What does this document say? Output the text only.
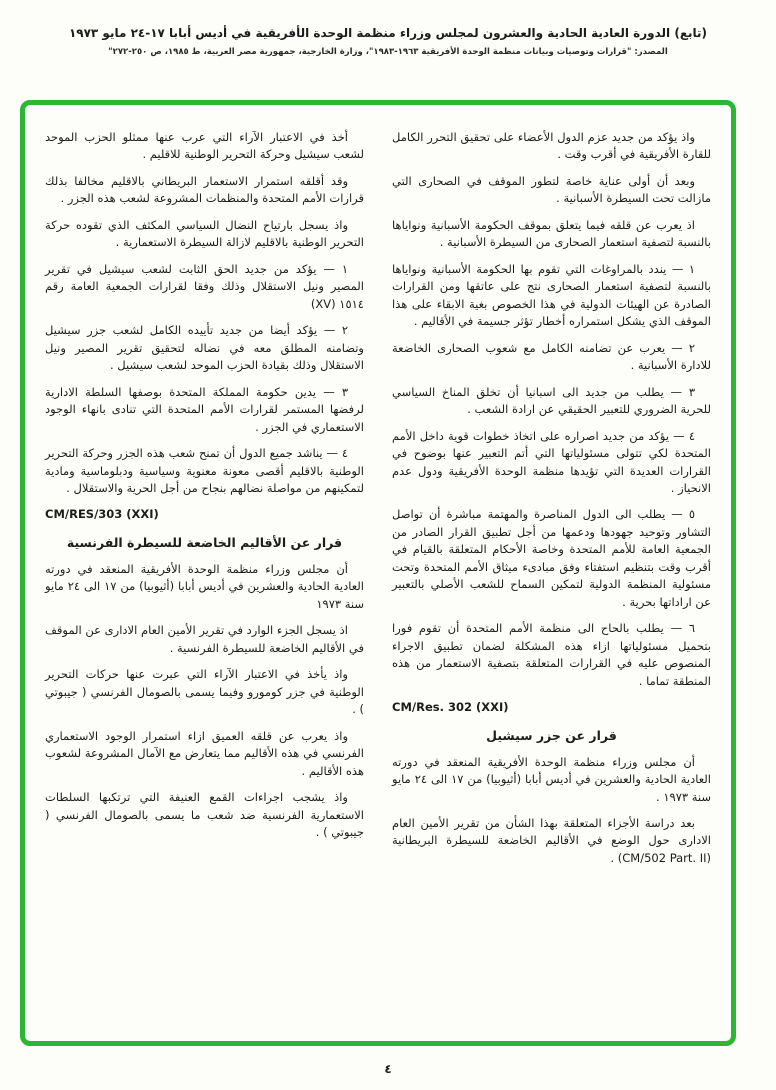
(تابع) الدورة العادية الحادية والعشرون لمجلس وزراء منظمة الوحدة الأفريقية في أديس أبابا ١٧-٢٤ مايو ١٩٧٣
المصدر: "قرارات وتوصيات وبيانات منظمة الوحدة الأفريقية ١٩٦٣-١٩٨٣"، وزارة الخارجية، جمهورية مصر العربية، ط ١٩٨٥، ص ٢٥٠-٢٧٢"

واذ يؤكد من جديد عزم الدول الأعضاء على تحقيق التحرر الكامل للقارة الأفريقية في أقرب وقت .

وبعد أن أولى عناية خاصة لتطور الموقف في الصحارى التي مازالت تحت السيطرة الأسبانية .

اذ يعرب عن قلقه فيما يتعلق بموقف الحكومة الأسبانية ونواياها بالنسبة لتصفية استعمار الصحارى من السيطرة الأسبانية .

١ — يندد بالمراوغات التي تقوم بها الحكومة الأسبانية ونواياها بالنسبة لتصفية استعمار الصحارى نتج على عاتقها ومن القرارات الصادرة عن الهيئات الدولية في هذا الخصوص بغية الابقاء على هذا الموقف الذي يشكل استمراره أخطار تؤثر جسيمة في الأقاليم .

٢ — يعرب عن تضامنه الكامل مع شعوب الصحارى الخاضعة للادارة الأسبانية .

٣ — يطلب من جديد الى اسبانيا أن تخلق المناخ السياسي للحرية الضروري للتعبير الحقيقي عن ارادة الشعب .

٤ — يؤكد من جديد اصراره على اتخاذ خطوات قوية داخل الأمم المتحدة لكي تتولى مسئولياتها التي أتم التعبير عنها بوضوح في القرارات العديدة التي تؤيدها منظمة الوحدة الأفريقية ودول عدم الانحياز .

٥ — يطلب الى الدول المناصرة والمهتمة مباشرة أن تواصل التشاور وتوحيد جهودها ودعمها من أجل تطبيق القرار الصادر من الجمعية العامة للأمم المتحدة وخاصة الأحكام المتعلقة بالقيام في أقرب وقت بتنظيم استفتاء وفق مبادىء ميثاق الأمم المتحدة وتحت مسئولية المنظمة الدولية لتمكين السماح للشعب الأصلي بالتعبير عن اراداتها بحرية .

٦ — يطلب بالحاح الى منظمة الأمم المتحدة أن تقوم فورا بتحميل مسئولياتها ازاء هذه المشكلة لضمان تطبيق الاجراء المنصوص عليه في القرارات المتعلقة بتصفية الاستعمار من هذه المنطقة تماما .

CM/Res. 302 (XXI)

قرار عن جزر سيشيل

أن مجلس وزراء منظمة الوحدة الأفريقية المنعقد في دورته العادية الحادية والعشرين في أديس أبابا (أثيوبيا) من ١٧ الى ٢٤ مايو سنة ١٩٧٣ .

بعد دراسة الأجزاء المتعلقة بهذا الشأن من تقرير الأمين العام الادارى حول الوضع في الأقاليم الخاضعة للسيطرة البريطانية (CM/502 Part. II) .

أخذ في الاعتبار الآراء التي عرب عنها ممثلو الحزب الموحد لشعب سيشيل وحركة التحرير الوطنية للاقليم .

وقد أقلقه استمرار الاستعمار البريطاني بالاقليم مخالفا بذلك قرارات الأمم المتحدة والمنظمات المشروعة لشعب هذه الجزر .

واذ يسجل بارتياح النضال السياسي المكثف الذي تقوده حركة التحرير الوطنية بالاقليم لازالة السيطرة الاستعمارية .

١ — يؤكد من جديد الحق الثابت لشعب سيشيل في تقرير المصير ونيل الاستقلال وذلك وفقا لقرارات الجمعية العامة رقم ١٥١٤ (XV)

٢ — يؤكد أيضا من جديد تأييده الكامل لشعب جزر سيشيل وتضامنه المطلق معه في نضاله لتحقيق تقرير المصير ونيل الاستقلال وذلك بقيادة الحزب الموحد لشعب سيشيل .

٣ — يدين حكومة المملكة المتحدة بوصفها السلطة الادارية لرفضها المستمر لقرارات الأمم المتحدة التي تنادى بانهاء الوجود الاستعماري في الجزر .

٤ — يناشد جميع الدول أن تمنح شعب هذه الجزر وحركة التحرير الوطنية بالاقليم أقصى معونة معنوية وسياسية ودبلوماسية ومادية لتمكينهم من مواصلة نضالهم بنجاح من أجل الحرية والاستقلال .

CM/RES/303 (XXI)

قرار عن الأقاليم الخاضعة للسيطرة الفرنسية

أن مجلس وزراء منظمة الوحدة الأفريقية المنعقد في دورته العادية الحادية والعشرين في أديس أبابا (أثيوبيا) من ١٧ الى ٢٤ مايو سنة ١٩٧٣

اذ يسجل الجزء الوارد في تقرير الأمين العام الادارى عن الموقف في الأقاليم الخاضعة للسيطرة الفرنسية .

واذ يأخذ في الاعتبار الآراء التي عبرت عنها حركات التحرير الوطنية في جزر كومورو وفيما يسمى بالصومال الفرنسي ( جيبوتي ) .

واذ يعرب عن قلقه العميق ازاء استمرار الوجود الاستعماري الفرنسي في هذه الأقاليم مما يتعارض مع الآمال المشروعة لشعوب هذه الأقاليم .

واذ يشجب اجراءات القمع العنيفة التي ترتكبها السلطات الاستعمارية الفرنسية ضد شعب ما يسمى بالصومال الفرنسي ( جيبوتي ) .

٤
